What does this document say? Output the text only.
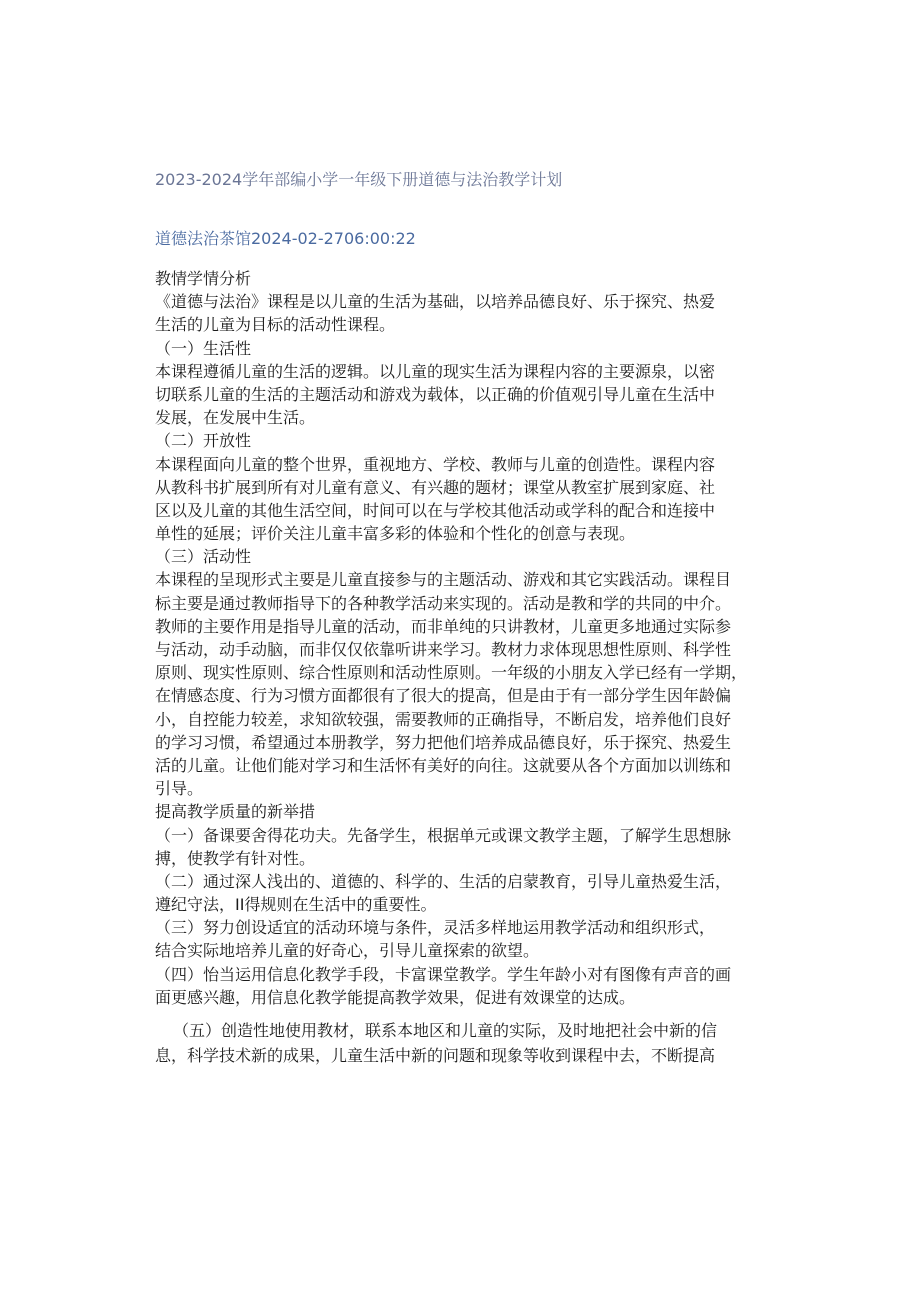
2023-2024学年部编小学一年级下册道德与法治教学计划
道德法治茶馆2024-02-2706:00:22
教情学情分析
《道德与法治》课程是以儿童的生活为基础，以培养品德良好、乐于探究、热爱
生活的儿童为目标的活动性课程。
（一）生活性
本课程遵循儿童的生活的逻辑。以儿童的现实生活为课程内容的主要源泉，以密
切联系儿童的生活的主题活动和游戏为载体，以正确的价值观引导儿童在生活中
发展，在发展中生活。
（二）开放性
本课程面向儿童的整个世界，重视地方、学校、教师与儿童的创造性。课程内容
从教科书扩展到所有对儿童有意义、有兴趣的题材；课堂从教室扩展到家庭、社
区以及儿童的其他生活空间，时间可以在与学校其他活动或学科的配合和连接中
单性的延展；评价关注儿童丰富多彩的体验和个性化的创意与表现。
（三）活动性
本课程的呈现形式主要是儿童直接参与的主题活动、游戏和其它实践活动。课程目
标主要是通过教师指导下的各种教学活动来实现的。活动是教和学的共同的中介。
教师的主要作用是指导儿童的活动，而非单纯的只讲教材，儿童更多地通过实际参
与活动，动手动脑，而非仅仅依靠听讲来学习。教材力求体现思想性原则、科学性
原则、现实性原则、综合性原则和活动性原则。一年级的小朋友入学已经有一学期，
在情感态度、行为习惯方面都很有了很大的提高，但是由于有一部分学生因年龄偏
小，自控能力较差，求知欲较强，需要教师的正确指导，不断启发，培养他们良好
的学习习惯，希望通过本册教学，努力把他们培养成品德良好，乐于探究、热爱生
活的儿童。让他们能对学习和生活怀有美好的向往。这就要从各个方面加以训练和
引导。
提高教学质量的新举措
（一）备课要舍得花功夫。先备学生，根据单元或课文教学主题，了解学生思想脉
搏，使教学有针对性。
（二）通过深人浅出的、道德的、科学的、生活的启蒙教育，引导儿童热爱生活，
遵纪守法，II得规则在生活中的重要性。
（三）努力创设适宜的活动环境与条件，灵活多样地运用教学活动和组织形式，
结合实际地培养儿童的好奇心，引导儿童探索的欲望。
（四）怡当运用信息化教学手段，卡富课堂教学。学生年龄小对有图像有声音的画
面更感兴趣，用信息化教学能提高教学效果，促进有效课堂的达成。
（五）创造性地使用教材，联系本地区和儿童的实际，及时地把社会中新的信
息，科学技术新的成果，儿童生活中新的问题和现象等收到课程中去，不断提高
